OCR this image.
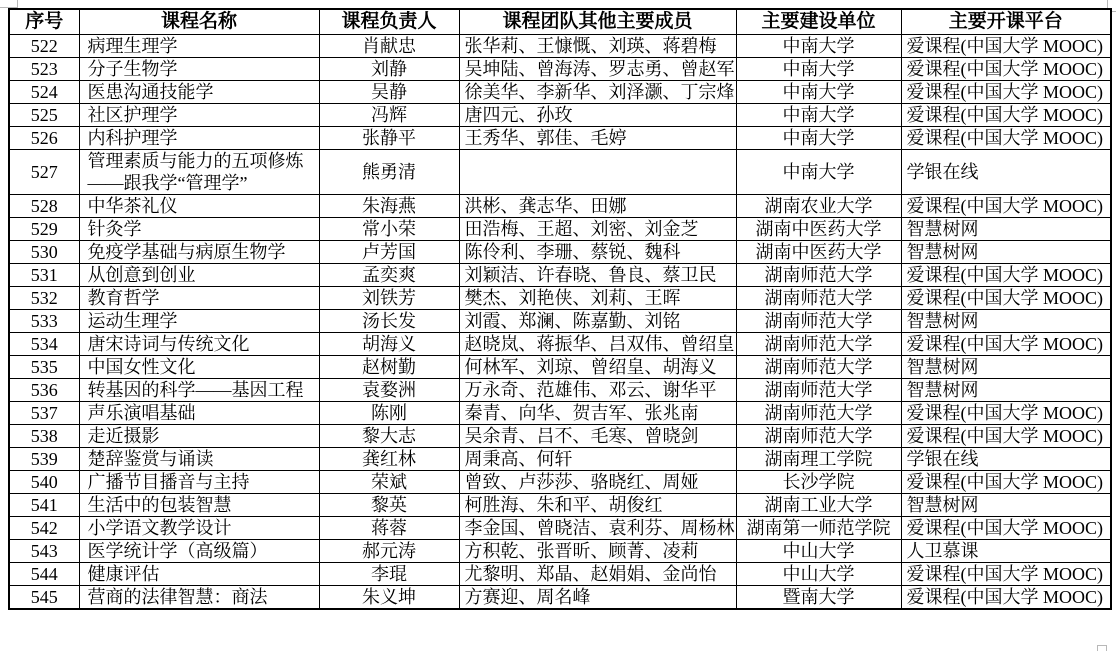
序号	课程名称	课程负责人	课程团队其他主要成员	主要建设单位	主要开课平台
522	病理生理学	肖献忠	张华莉、王慷慨、刘瑛、蒋碧梅	中南大学	爱课程(中国大学 MOOC)
523	分子生物学	刘静	吴坤陆、曾海涛、罗志勇、曾赵军	中南大学	爱课程(中国大学 MOOC)
524	医患沟通技能学	吴静	徐美华、李新华、刘泽灏、丁宗烽	中南大学	爱课程(中国大学 MOOC)
525	社区护理学	冯辉	唐四元、孙玫	中南大学	爱课程(中国大学 MOOC)
526	内科护理学	张静平	王秀华、郭佳、毛婷	中南大学	爱课程(中国大学 MOOC)
527	管理素质与能力的五项修炼——跟我学“管理学”	熊勇清		中南大学	学银在线
528	中华茶礼仪	朱海燕	洪彬、龚志华、田娜	湖南农业大学	爱课程(中国大学 MOOC)
529	针灸学	常小荣	田浩梅、王超、刘密、刘金芝	湖南中医药大学	智慧树网
530	免疫学基础与病原生物学	卢芳国	陈伶利、李珊、蔡锐、魏科	湖南中医药大学	智慧树网
531	从创意到创业	孟奕爽	刘颖洁、许春晓、鲁良、蔡卫民	湖南师范大学	爱课程(中国大学 MOOC)
532	教育哲学	刘铁芳	樊杰、刘艳侠、刘莉、王晖	湖南师范大学	爱课程(中国大学 MOOC)
533	运动生理学	汤长发	刘霞、郑澜、陈嘉勤、刘铭	湖南师范大学	智慧树网
534	唐宋诗词与传统文化	胡海义	赵晓岚、蒋振华、吕双伟、曾绍皇	湖南师范大学	爱课程(中国大学 MOOC)
535	中国女性文化	赵树勤	何林军、刘琼、曾绍皇、胡海义	湖南师范大学	智慧树网
536	转基因的科学——基因工程	袁婺洲	万永奇、范雄伟、邓云、谢华平	湖南师范大学	智慧树网
537	声乐演唱基础	陈刚	秦青、向华、贺吉军、张兆南	湖南师范大学	爱课程(中国大学 MOOC)
538	走近摄影	黎大志	吴余青、吕不、毛寒、曾晓剑	湖南师范大学	爱课程(中国大学 MOOC)
539	楚辞鉴赏与诵读	龚红林	周秉高、何轩	湖南理工学院	学银在线
540	广播节目播音与主持	荣斌	曾致、卢莎莎、骆晓红、周娅	长沙学院	爱课程(中国大学 MOOC)
541	生活中的包装智慧	黎英	柯胜海、朱和平、胡俊红	湖南工业大学	智慧树网
542	小学语文教学设计	蒋蓉	李金国、曾晓洁、袁利芬、周杨林	湖南第一师范学院	爱课程(中国大学 MOOC)
543	医学统计学（高级篇）	郝元涛	方积乾、张晋昕、顾菁、凌莉	中山大学	人卫慕课
544	健康评估	李琨	尤黎明、郑晶、赵娟娟、金尚怡	中山大学	爱课程(中国大学 MOOC)
545	营商的法律智慧：商法	朱义坤	方赛迎、周名峰	暨南大学	爱课程(中国大学 MOOC)
